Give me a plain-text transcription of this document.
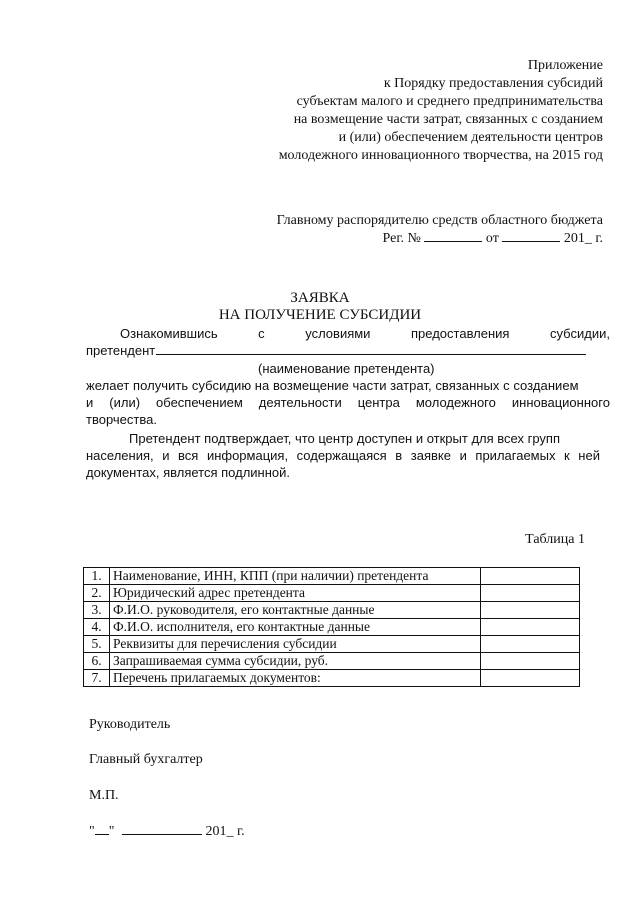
Приложение
к Порядку предоставления субсидий
субъектам малого и среднего предпринимательства
на возмещение части затрат, связанных с созданием
и (или) обеспечением деятельности центров
молодежного инновационного творчества, на 2015 год
Главному распорядителю средств областного бюджета
Рег. №	от	201_ г.
ЗАЯВКА
НА ПОЛУЧЕНИЕ СУБСИДИИ
Ознакомившись	с	условиями	предоставления	субсидии,
претендент
(наименование претендента)
желает получить субсидию на возмещение части затрат, связанных с созданием
и (или) обеспечением деятельности центра молодежного инновационного
творчества.
Претендент подтверждает, что центр доступен и открыт для всех групп
населения, и вся информация, содержащаяся в заявке и прилагаемых к ней
документах, является подлинной.
Таблица 1
1.	Наименование, ИНН, КПП (при наличии) претендента	
2.	Юридический адрес претендента	
3.	Ф.И.О. руководителя, его контактные данные	
4.	Ф.И.О. исполнителя, его контактные данные	
5.	Реквизиты для перечисления субсидии	
6.	Запрашиваемая сумма субсидии, руб.	
7.	Перечень прилагаемых документов:	
Руководитель
Главный бухгалтер
М.П.
" "	201_ г.
